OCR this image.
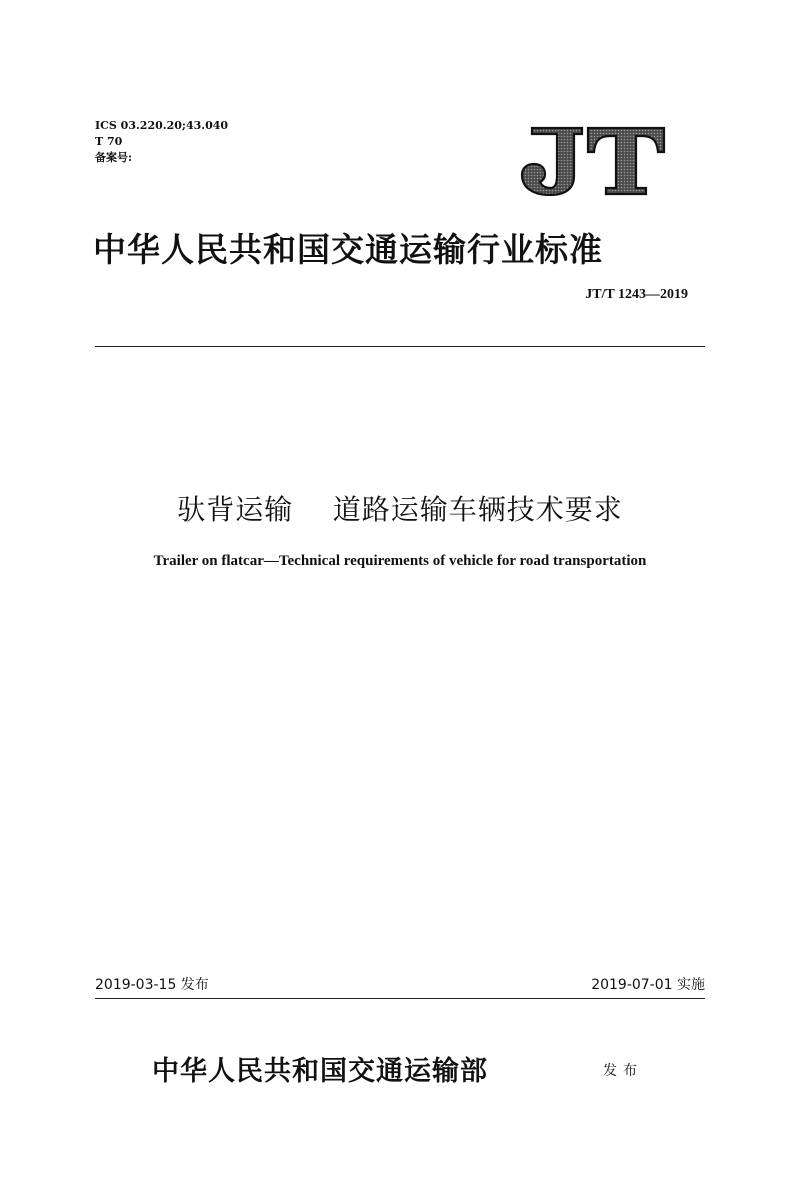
ICS 03.220.20;43.040
T 70
备案号:
中华人民共和国交通运输行业标准
JT/T 1243—2019
驮背运输    道路运输车辆技术要求
Trailer on flatcar—Technical requirements of vehicle for road transportation
2019-03-15 发布	2019-07-01 实施
中华人民共和国交通运输部	发布
